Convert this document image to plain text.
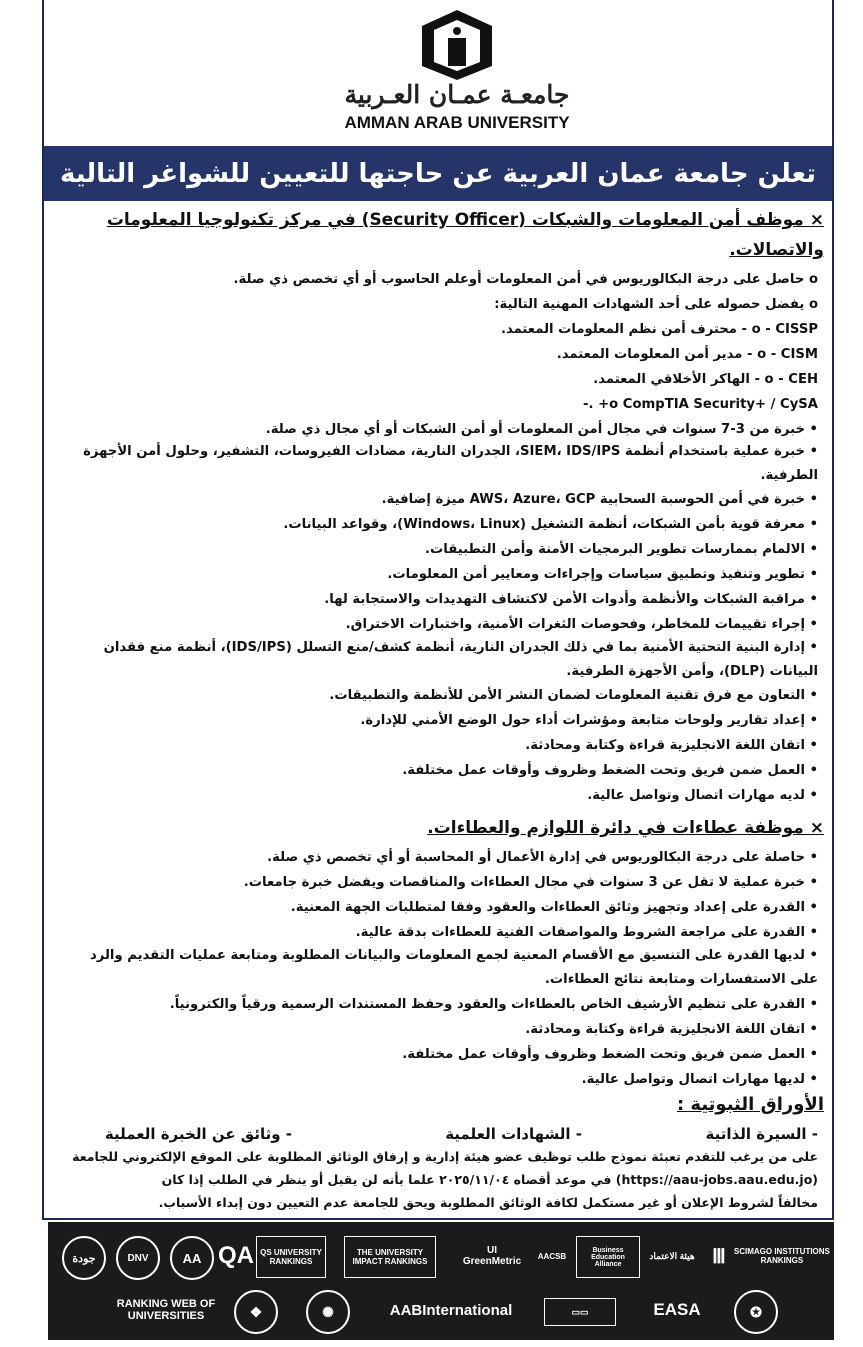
جامعـة عمـان العـربية
AMMAN ARAB UNIVERSITY
تعلن جامعة عمان العربية عن حاجتها للتعيين للشواغر التالية
× موظف أمن المعلومات والشبكات (Security Officer) في مركز تكنولوجيا المعلومات
والاتصالات.
o حاصل على درجة البكالوريوس في أمن المعلومات أوعلم الحاسوب أو أي تخصص ذي صلة.
o يفضل حصوله على أحد الشهادات المهنية التالية:
o - CISSP - محترف أمن نظم المعلومات المعتمد.
o - CISM - مدير أمن المعلومات المعتمد.
o - CEH - الهاكر الأخلاقي المعتمد.
o CompTIA Security+ / CySA+ .-
• خبرة من 3-7 سنوات في مجال أمن المعلومات أو أمن الشبكات أو أي مجال ذي صلة.
• خبرة عملية باستخدام أنظمة SIEM، IDS/IPS، الجدران النارية، مضادات الفيروسات، التشفير، وحلول أمن الأجهزة الطرفية.
• خبرة في أمن الحوسبة السحابية AWS، Azure، GCP ميزة إضافية.
• معرفة قوية بأمن الشبكات، أنظمة التشغيل (Windows، Linux)، وقواعد البيانات.
• الالمام بممارسات تطوير البرمجيات الأمنة وأمن التطبيقات.
• تطوير وتنفيذ وتطبيق سياسات وإجراءات ومعايير أمن المعلومات.
• مراقبة الشبكات والأنظمة وأدوات الأمن لاكتشاف التهديدات والاستجابة لها.
• إجراء تقييمات للمخاطر، وفحوصات الثغرات الأمنية، واختبارات الاختراق.
• إدارة البنية التحتية الأمنية بما في ذلك الجدران النارية، أنظمة كشف/منع التسلل (IDS/IPS)، أنظمة منع فقدان البيانات (DLP)، وأمن الأجهزة الطرفية.
• التعاون مع فرق تقنية المعلومات لضمان النشر الأمن للأنظمة والتطبيقات.
• إعداد تقارير ولوحات متابعة ومؤشرات أداء حول الوضع الأمني للإدارة.
• اتقان اللغة الانجليزية قراءة وكتابة ومحادثة.
• العمل ضمن فريق وتحت الضغط وظروف وأوقات عمل مختلفة.
• لديه مهارات اتصال وتواصل عالية.
× موظفة عطاءات في دائرة اللوازم والعطاءات.
• حاصلة على درجة البكالوريوس في إدارة الأعمال أو المحاسبة أو أي تخصص ذي صلة.
• خبرة عملية لا تقل عن 3 سنوات في مجال العطاءات والمناقصات ويفضل خبرة جامعات.
• القدرة على إعداد وتجهيز وثائق العطاءات والعقود وفقا لمتطلبات الجهة المعنية.
• القدرة على مراجعة الشروط والمواصفات الفنية للعطاءات بدقة عالية.
• لديها القدرة على التنسيق مع الأقسام المعنية لجمع المعلومات والبيانات المطلوبة ومتابعة عمليات التقديم والرد على الاستفسارات ومتابعة نتائج العطاءات.
• القدرة على تنظيم الأرشيف الخاص بالعطاءات والعقود وحفظ المستندات الرسمية ورقياً والكترونياً.
• اتقان اللغة الانجليزية قراءة وكتابة ومحادثة.
• العمل ضمن فريق وتحت الضغط وظروف وأوقات عمل مختلفة.
• لديها مهارات اتصال وتواصل عالية.
الأوراق الثبوتية :
- السيرة الذاتية
- الشهادات العلمية
- وثائق عن الخبرة العملية
على من يرغب للتقدم تعبئة نموذج طلب توظيف عضو هيئة إدارية و إرفاق الوثائق المطلوبة على الموقع الإلكتروني للجامعة
(https://aau-jobs.aau.edu.jo) في موعد أقصاه ٢٠٢٥/١١/٠٤ علما بأنه لن يقبل أو ينظر في الطلب إذا كان
مخالفاً لشروط الإعلان أو غير مستكمل لكافة الوثائق المطلوبة ويحق للجامعة عدم التعيين دون إبداء الأسباب.
جودة	DNV	AA QA QS UNIVERSITY RANKINGS
THE UNIVERSITY IMPACT RANKINGS
UI GreenMetric	AACSB
Business Education Alliance
هيئة الاعتماد Ⅲ SCIMAGO INSTITUTIONS RANKINGS
RANKING WEB OF UNIVERSITIES	❖	✺	AABInternational	▭▭	EASA	✪
